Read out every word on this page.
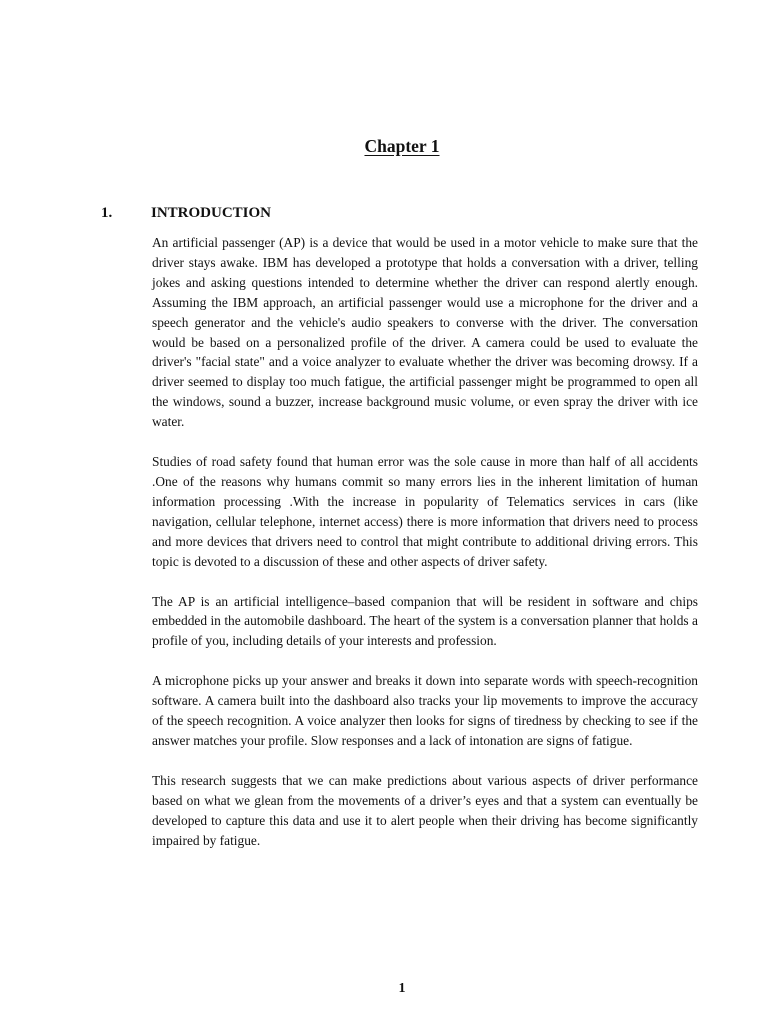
Chapter 1
1.	INTRODUCTION

An artificial passenger (AP) is a device that would be used in a motor vehicle to make sure that the driver stays awake. IBM has developed a prototype that holds a conversation with a driver, telling jokes and asking questions intended to determine whether the driver can respond alertly enough. Assuming the IBM approach, an artificial passenger would use a microphone for the driver and a speech generator and the vehicle's audio speakers to converse with the driver. The conversation would be based on a personalized profile of the driver. A camera could be used to evaluate the driver's "facial state" and a voice analyzer to evaluate whether the driver was becoming drowsy. If a driver seemed to display too much fatigue, the artificial passenger might be programmed to open all the windows, sound a buzzer, increase background music volume, or even spray the driver with ice water.

Studies of road safety found that human error was the sole cause in more than half of all accidents .One of the reasons why humans commit so many errors lies in the inherent limitation of human information processing .With the increase in popularity of Telematics services in cars (like navigation, cellular telephone, internet access) there is more information that drivers need to process and more devices that drivers need to control that might contribute to additional driving errors. This topic is devoted to a discussion of these and other aspects of driver safety.

The AP is an artificial intelligence–based companion that will be resident in software and chips embedded in the automobile dashboard. The heart of the system is a conversation planner that holds a profile of you, including details of your interests and profession.

A microphone picks up your answer and breaks it down into separate words with speech-recognition software. A camera built into the dashboard also tracks your lip movements to improve the accuracy of the speech recognition. A voice analyzer then looks for signs of tiredness by checking to see if the answer matches your profile. Slow responses and a lack of intonation are signs of fatigue.

This research suggests that we can make predictions about various aspects of driver performance based on what we glean from the movements of a driver’s eyes and that a system can eventually be developed to capture this data and use it to alert people when their driving has become significantly impaired by fatigue.

1
